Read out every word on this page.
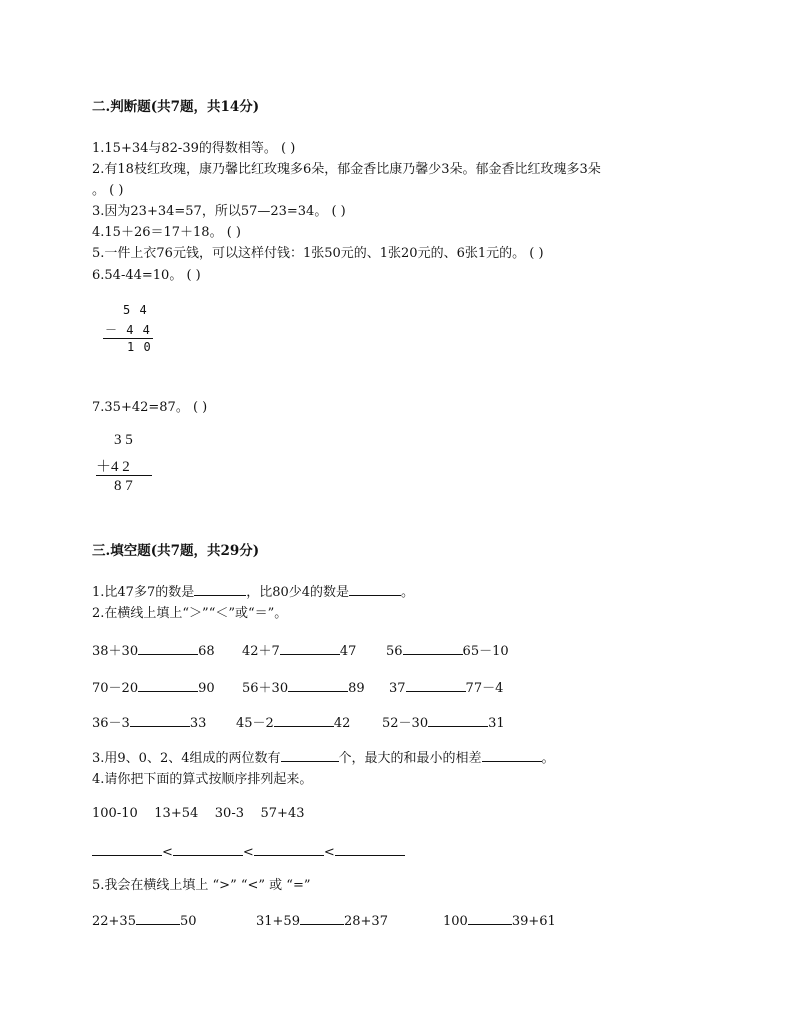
二.判断题(共7题，共14分)
1.15+34与82-39的得数相等。 ( )
2.有18枝红玫瑰，康乃馨比红玫瑰多6朵，郁金香比康乃馨少3朵。郁金香比红玫瑰多3朵
。 ( )
3.因为23+34=57，所以57—23=34。 ( )
4.15＋26＝17＋18。 ( )
5.一件上衣76元钱，可以这样付钱：1张50元的、1张20元的、6张1元的。 ( )
6.54-44=10。 ( )
5 4
－ 4 4
1 0
7.35+42=87。 ( )
3 5
＋4 2
8 7
三.填空题(共7题，共29分)
1.比47多7的数是	，比80少4的数是	。
2.在横线上填上“＞”“＜”或“＝”。
38＋30	68 42＋7	47 56	65－10
70－20	90 56＋30	89 37	77－4
36－3	33 45－2	42 52－30	31
3.用9、0、2、4组成的两位数有	个，最大的和最小的相差	。
4.请你把下面的算式按顺序排列起来。
100-10    13+54    30-3    57+43
<	<	<
5.我会在横线上填上 “>” “<” 或 “=”
22+35	50	31+59	28+37	100	39+61
